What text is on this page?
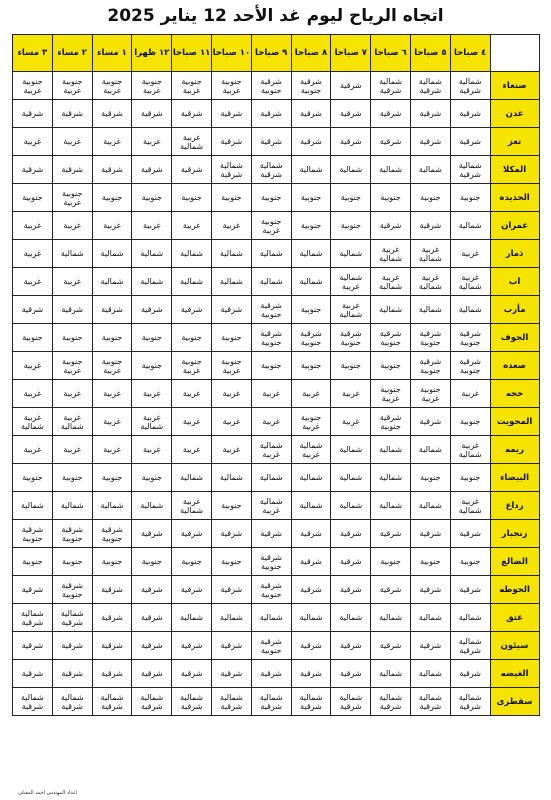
اتجاه الرياح ليوم غد الأحد 12 يناير 2025
	٤ صباحا	٥ صباحا	٦ صباحا	٧ صباحا	٨ صباحا	٩ صباحا	١٠ صباحا	١١ صباحا	١٢ ظهرا	١ مساء	٢ مساء	٣ مساء
صنعاء	شمالية شرقية	شمالية شرقية	شمالية شرقية	شرقية	شرقية جنوبية	شرقية جنوبية	جنوبية غربية	جنوبية غربية	جنوبية غربية	جنوبية غربية	جنوبية غربية	جنوبية غربية
عدن	شرقية	شرقية	شرقية	شرقية	شرقية	شرقية	شرقية	شرقية	شرقية	شرقية	شرقية	شرقية
تعز	شرقية	شرقية	شرقية	شرقية	شرقية	شرقية	شرقية	غربية شمالية	غربية	غربية	غربية	غربية
المكلا	شمالية شرقية	شمالية	شمالية	شمالية	شمالية	شمالية شرقية	شمالية شرقية	شرقية	شرقية	شرقية	شرقية	شرقية
الحديده	جنوبية	جنوبية	جنوبية	جنوبية	جنوبية	جنوبية	جنوبية	جنوبية	جنوبية	جنوبية	جنوبية غربية	جنوبية
عمران	شمالية	شرقية	شرقية	جنوبية	جنوبية	جنوبية غربية	غربية	غربية	غربية	غربية	غربية	غربية
ذمار	غربية	غربية شمالية	غربية شمالية	شمالية	شمالية	شمالية	شمالية	شمالية	شمالية	شمالية	شمالية	غربية
اب	غربية شمالية	غربية شمالية	غربية شمالية	شمالية غربية	شمالية	شمالية	شمالية	شمالية	شمالية	شمالية	غربية	غربية
مأرب	شمالية	شمالية	شمالية	غربية شمالية	جنوبية	شرقية جنوبية	شرقية	شرقية	شرقية	شرقية	شرقية	شرقية
الجوف	شرقية جنوبية	شرقية جنوبية	شرقية جنوبية	شرقية جنوبية	شرقية جنوبية	شرقية جنوبية	جنوبية	جنوبية	جنوبية	جنوبية	جنوبية	جنوبية
صعده	شرقية جنوبية	شرقية جنوبية	جنوبية	جنوبية	جنوبية	جنوبية	جنوبية غربية	جنوبية غربية	جنوبية	جنوبية غربية	جنوبية غربية	غربية
حجه	غربية	جنوبية غربية	جنوبية غربية	غربية	غربية	غربية	غربية	غربية	غربية	غربية	غربية	غربية
المحويت	جنوبية	شرقية	شرقية جنوبية	غربية	جنوبية غربية	غربية	غربية	غربية	غربية شمالية	غربية	غربية شمالية	غربية شمالية
ريمه	غربية شمالية	شمالية	شمالية	شمالية	شمالية غربية	شمالية غربية	غربية	غربية	غربية	غربية	غربية	غربية
البيضاء	جنوبية	جنوبية	شمالية	شمالية	شمالية	شمالية	شمالية	شمالية	جنوبية	جنوبية	جنوبية	جنوبية
رداع	غربية شمالية	شمالية	شمالية	شمالية	شمالية	شمالية غربية	جنوبية	غربية شمالية	شمالية	شمالية	شمالية	شمالية
زنجبار	شرقية	شرقية	شرقية	شرقية	شرقية	شرقية	شرقية	شرقية	شرقية	شرقية جنوبية	شرقية جنوبية	شرقية جنوبية
الضالع	جنوبية	جنوبية	جنوبية	شرقية	شرقية	شرقية جنوبية	جنوبية	جنوبية	جنوبية	جنوبية	جنوبية	جنوبية
الحوطه	شرقية	شرقية	شرقية	شرقية	شرقية	شرقية جنوبية	شرقية	شرقية	شرقية	شرقية	شرقية جنوبية	شرقية
عتق	شمالية	شمالية	شمالية	شمالية	شمالية	شمالية	شمالية	شمالية	شرقية	شرقية	شمالية شرقية	شمالية شرقية
سيئون	شمالية شرقية	شرقية	شرقية	شرقية	شرقية	شرقية جنوبية	شرقية	شرقية	شرقية	شرقية	شرقية	شرقية
الغيضه	شرقية	شمالية	شمالية	شرقية	شرقية	شرقية	شرقية	شرقية	شرقية	شرقية	شرقية	شرقية
سقطرى	شمالية شرقية	شمالية شرقية	شمالية شرقية	شمالية شرقية	شمالية شرقية	شمالية شرقية	شمالية شرقية	شمالية شرقية	شمالية شرقية	شمالية شرقية	شمالية شرقية	شمالية شرقية
اعداد المهندس احمد المقبلي
